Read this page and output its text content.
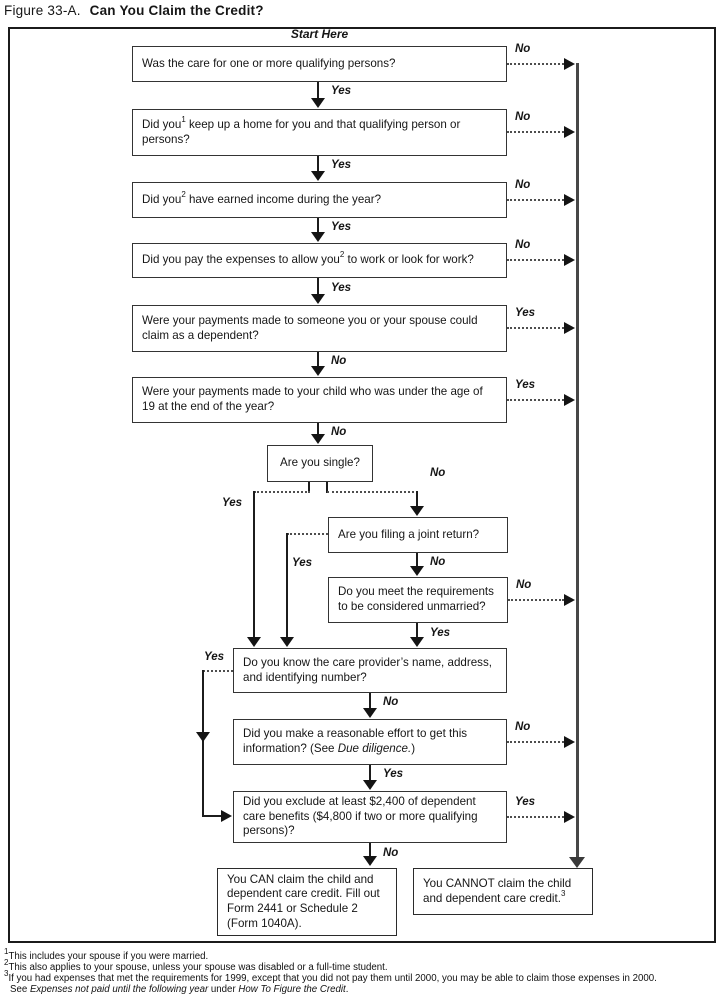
Figure 33-A. Can You Claim the Credit?
Start Here
Was the care for one or more qualifying persons?
Did you$^1$ keep up a home for you and that qualifying person or persons?
Did you$^2$ have earned income during the year?
Did you pay the expenses to allow you$^2$ to work or look for work?
Were your payments made to someone you or your spouse could claim as a dependent?
Were your payments made to your child who was under the age of 19 at the end of the year?
Are you single?
Are you filing a joint return?
Do you meet the requirements to be considered unmarried?
Do you know the care provider’s name, address, and identifying number?
Did you make a reasonable effort to get this information? (See Due diligence.)
Did you exclude at least $2,400 of dependent care benefits ($4,800 if two or more qualifying persons)?
You CAN claim the child and dependent care credit. Fill out Form 2441 or Schedule 2 (Form 1040A).
You CANNOT claim the child and dependent care credit.$^3$
No
No
No
No
Yes
Yes
No
No
Yes
Yes
Yes
Yes
Yes
No
No
Yes
No
No
Yes
Yes
No
Yes
Yes
No
$^1$This includes your spouse if you were married.
$^2$This also applies to your spouse, unless your spouse was disabled or a full-time student.
$^3$If you had expenses that met the requirements for 1999, except that you did not pay them until 2000, you may be able to claim those expenses in 2000.
See Expenses not paid until the following year under How To Figure the Credit.
